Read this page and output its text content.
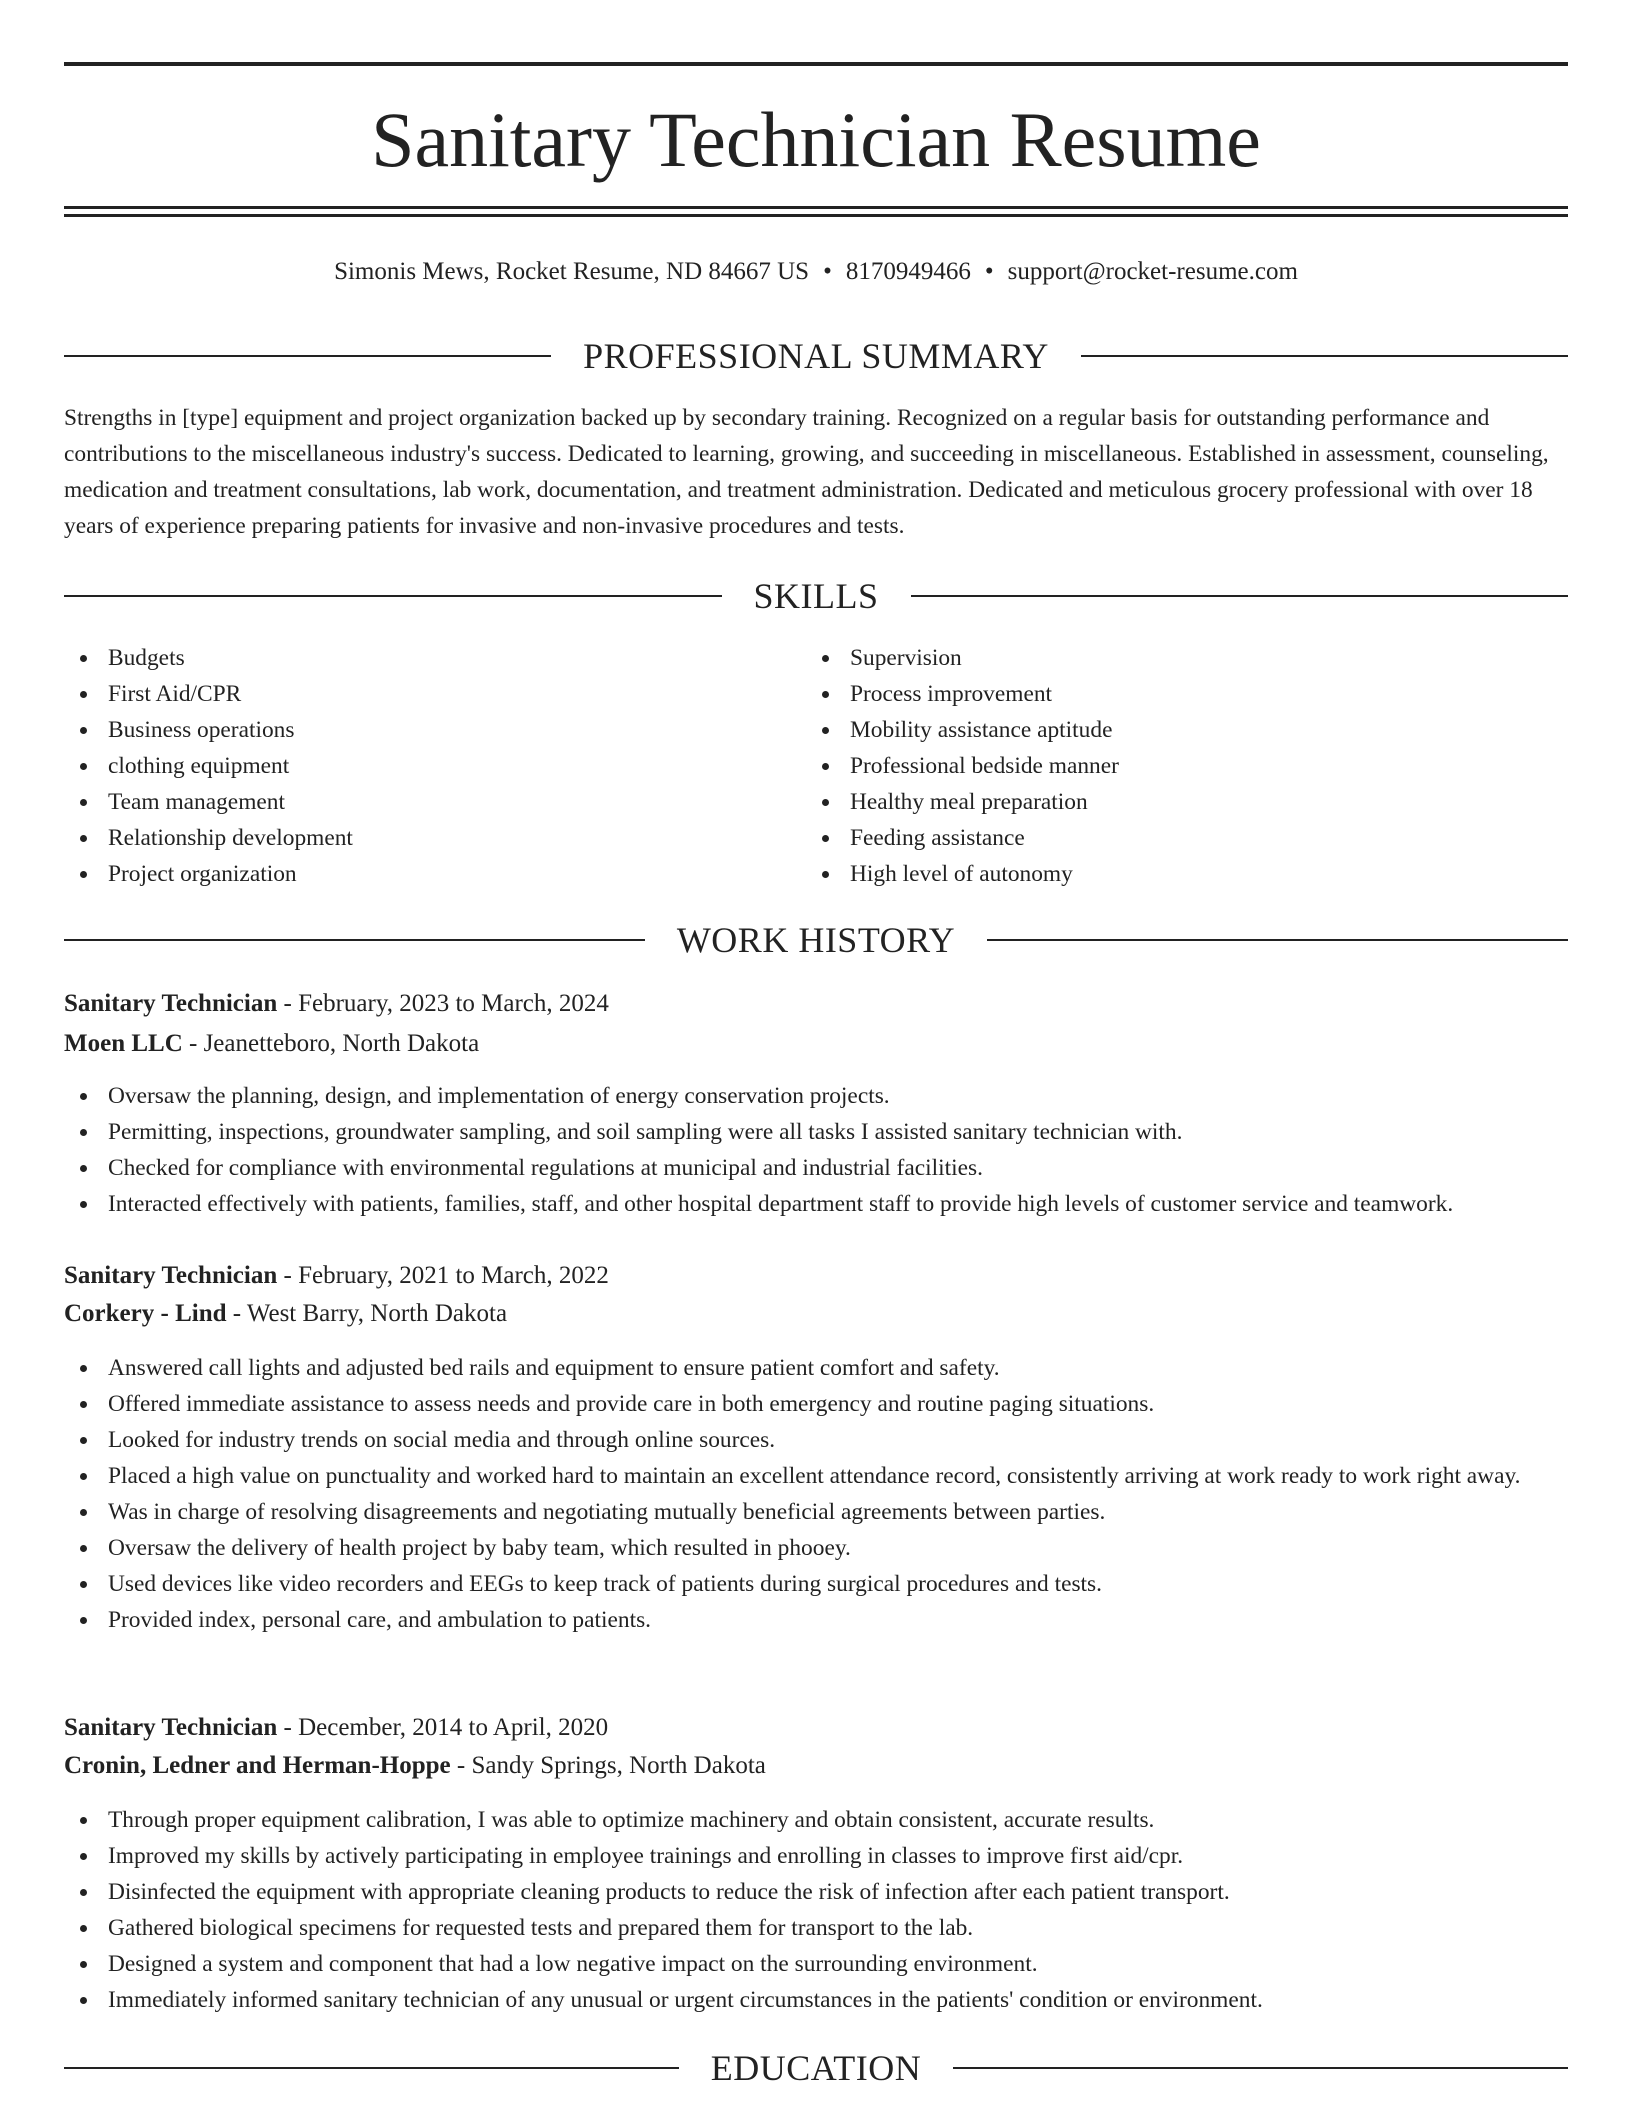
Sanitary Technician Resume
Simonis Mews, Rocket Resume, ND 84667 US • 8170949466 • support@rocket-resume.com
PROFESSIONAL SUMMARY

Strengths in [type] equipment and project organization backed up by secondary training. Recognized on a regular basis for outstanding performance and contributions to the miscellaneous industry's success. Dedicated to learning, growing, and succeeding in miscellaneous. Established in assessment, counseling, medication and treatment consultations, lab work, documentation, and treatment administration. Dedicated and meticulous grocery professional with over 18 years of experience preparing patients for invasive and non-invasive procedures and tests.

SKILLS
Budgets
First Aid/CPR
Business operations
clothing equipment
Team management
Relationship development
Project organization
Supervision
Process improvement
Mobility assistance aptitude
Professional bedside manner
Healthy meal preparation
Feeding assistance
High level of autonomy
WORK HISTORY
Sanitary Technician - February, 2023 to March, 2024
Moen LLC - Jeanetteboro, North Dakota
Oversaw the planning, design, and implementation of energy conservation projects.
Permitting, inspections, groundwater sampling, and soil sampling were all tasks I assisted sanitary technician with.
Checked for compliance with environmental regulations at municipal and industrial facilities.
Interacted effectively with patients, families, staff, and other hospital department staff to provide high levels of customer service and teamwork.
Sanitary Technician - February, 2021 to March, 2022
Corkery - Lind - West Barry, North Dakota
Answered call lights and adjusted bed rails and equipment to ensure patient comfort and safety.
Offered immediate assistance to assess needs and provide care in both emergency and routine paging situations.
Looked for industry trends on social media and through online sources.
Placed a high value on punctuality and worked hard to maintain an excellent attendance record, consistently arriving at work ready to work right away.
Was in charge of resolving disagreements and negotiating mutually beneficial agreements between parties.
Oversaw the delivery of health project by baby team, which resulted in phooey.
Used devices like video recorders and EEGs to keep track of patients during surgical procedures and tests.
Provided index, personal care, and ambulation to patients.
Sanitary Technician - December, 2014 to April, 2020
Cronin, Ledner and Herman-Hoppe - Sandy Springs, North Dakota
Through proper equipment calibration, I was able to optimize machinery and obtain consistent, accurate results.
Improved my skills by actively participating in employee trainings and enrolling in classes to improve first aid/cpr.
Disinfected the equipment with appropriate cleaning products to reduce the risk of infection after each patient transport.
Gathered biological specimens for requested tests and prepared them for transport to the lab.
Designed a system and component that had a low negative impact on the surrounding environment.
Immediately informed sanitary technician of any unusual or urgent circumstances in the patients' condition or environment.
EDUCATION
